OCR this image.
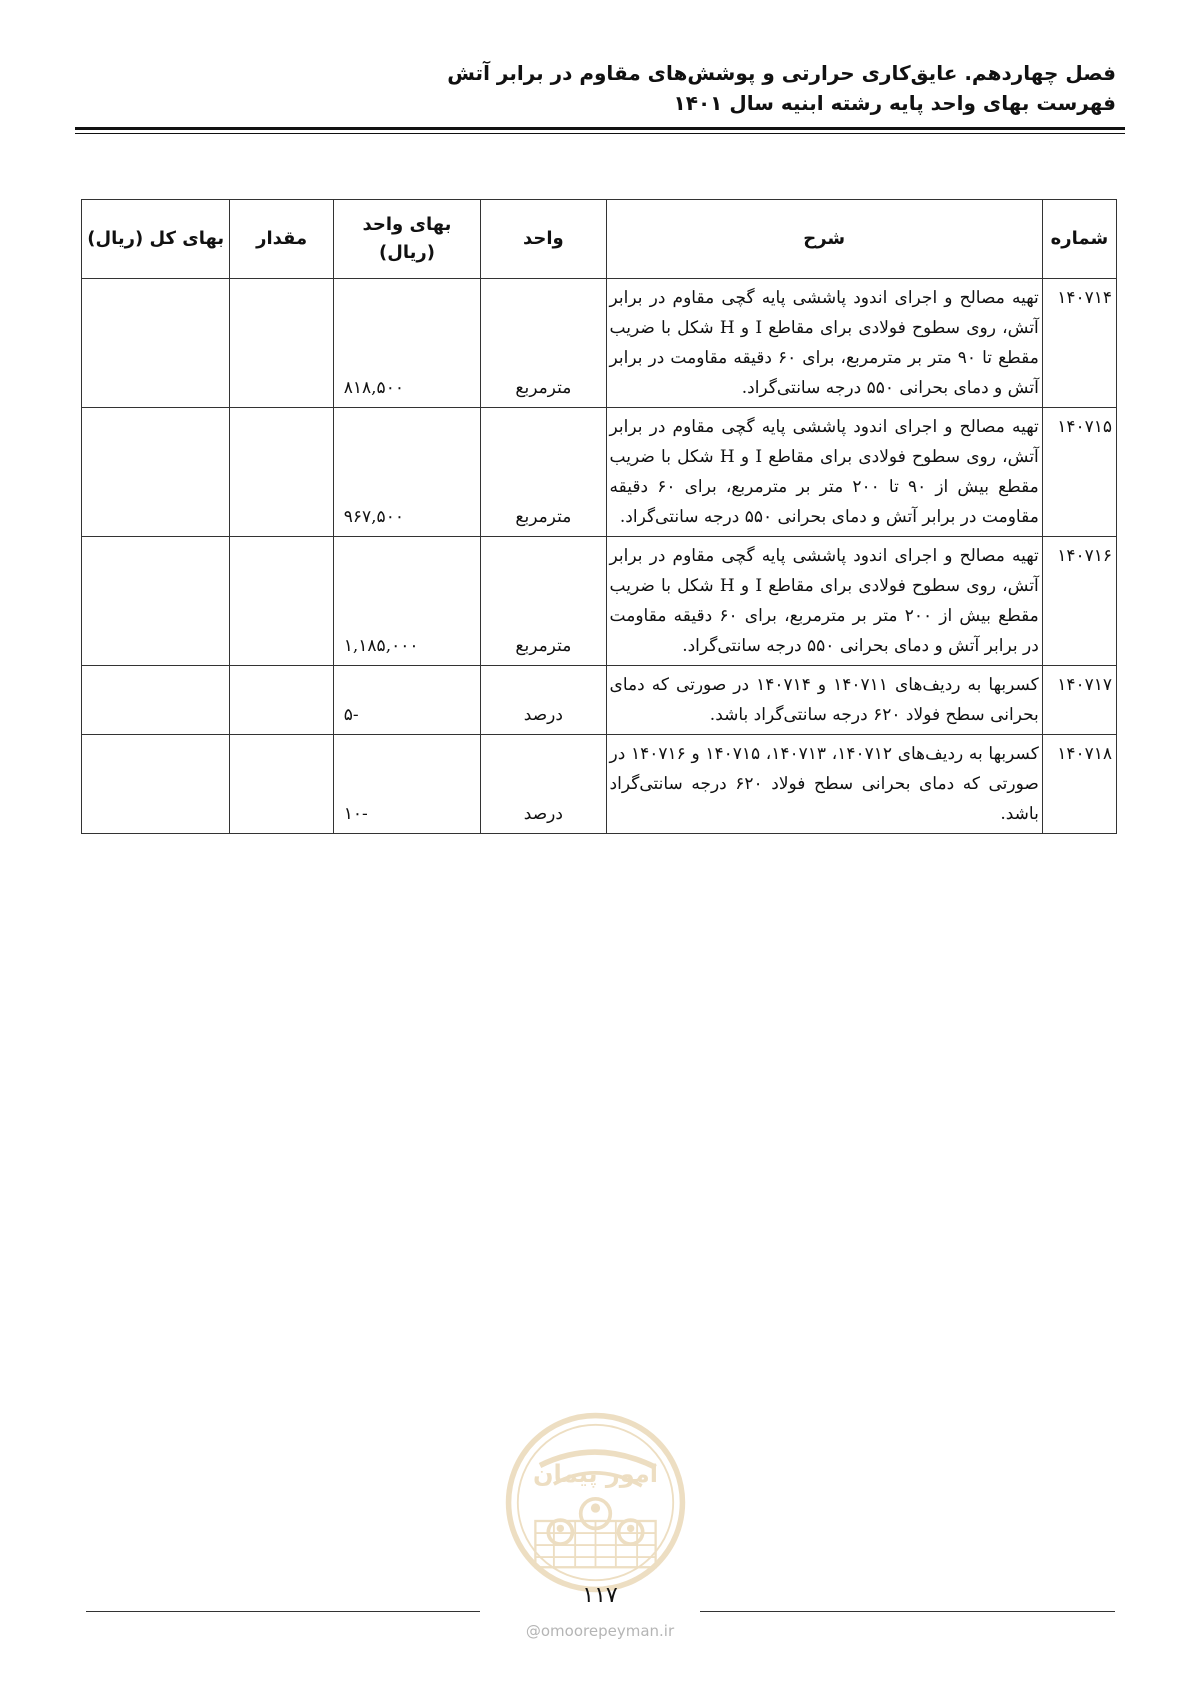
فصل چهاردهم. عایق‌کاری حرارتی و پوشش‌های مقاوم در برابر آتش
فهرست بهای واحد پایه رشته ابنیه سال ۱۴۰۱
شماره	شرح	واحد	بهای واحد (ریال)	مقدار	بهای کل (ریال)
۱۴۰۷۱۴	تهیه مصالح و اجرای اندود پاششی پایه گچی مقاوم در برابر آتش، روی سطوح فولادی برای مقاطع I و H شکل با ضریب مقطع تا ۹۰ متر بر مترمربع، برای ۶۰ دقیقه مقاومت در برابر آتش و دمای بحرانی ۵۵۰ درجه سانتی‌گراد.	مترمربع	۸۱۸,۵۰۰		
۱۴۰۷۱۵	تهیه مصالح و اجرای اندود پاششی پایه گچی مقاوم در برابر آتش، روی سطوح فولادی برای مقاطع I و H شکل با ضریب مقطع بیش از ۹۰ تا ۲۰۰ متر بر مترمربع، برای ۶۰ دقیقه مقاومت در برابر آتش و دمای بحرانی ۵۵۰ درجه سانتی‌گراد.	مترمربع	۹۶۷,۵۰۰		
۱۴۰۷۱۶	تهیه مصالح و اجرای اندود پاششی پایه گچی مقاوم در برابر آتش، روی سطوح فولادی برای مقاطع I و H شکل با ضریب مقطع بیش از ۲۰۰ متر بر مترمربع، برای ۶۰ دقیقه مقاومت در برابر آتش و دمای بحرانی ۵۵۰ درجه سانتی‌گراد.	مترمربع	۱,۱۸۵,۰۰۰		
۱۴۰۷۱۷	کسربها به ردیف‌های ۱۴۰۷۱۱ و ۱۴۰۷۱۴ در صورتی که دمای بحرانی سطح فولاد ۶۲۰ درجه سانتی‌گراد باشد.	درصد	-۵		
۱۴۰۷۱۸	کسربها به ردیف‌های ۱۴۰۷۱۲، ۱۴۰۷۱۳، ۱۴۰۷۱۵ و ۱۴۰۷۱۶ در صورتی که دمای بحرانی سطح فولاد ۶۲۰ درجه سانتی‌گراد باشد.	درصد	-۱۰		
امور پیمان
۱۱۷
@omoorepeyman.ir
